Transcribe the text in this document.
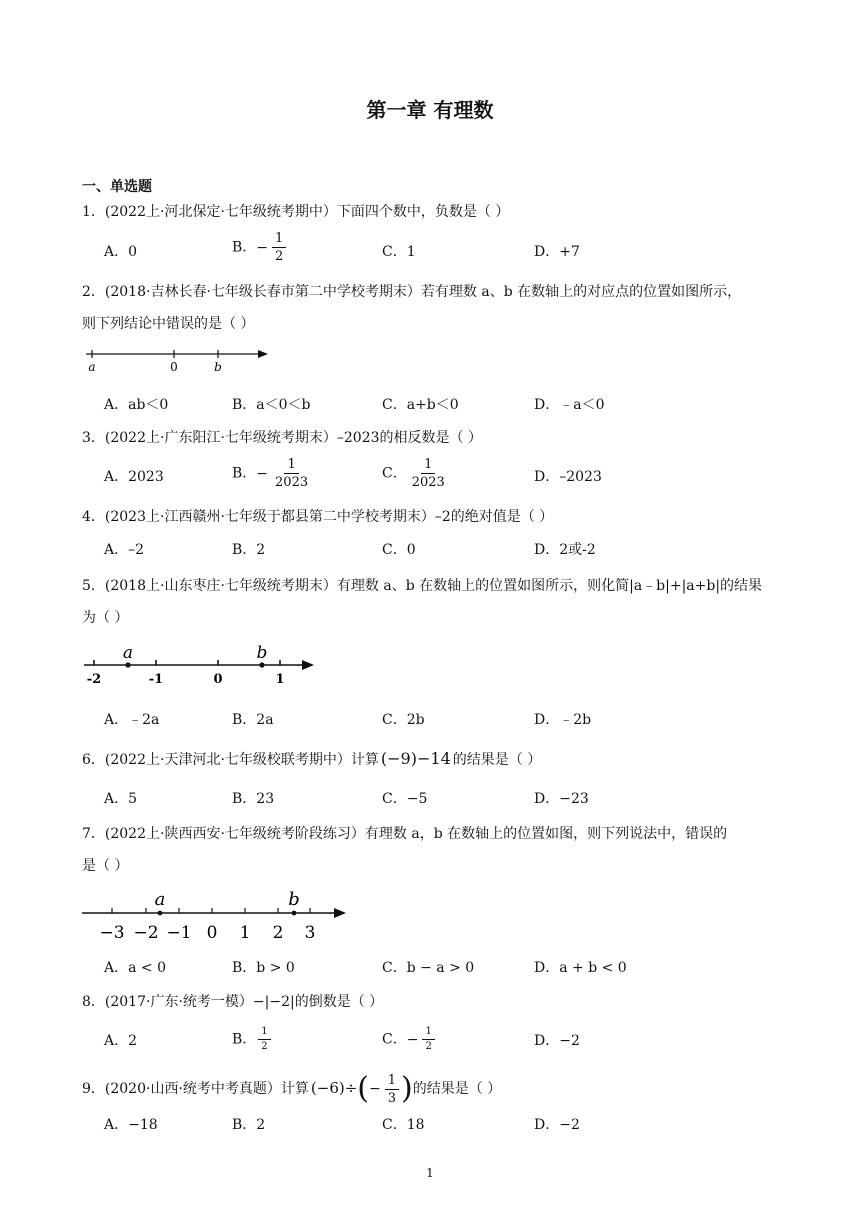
第一章 有理数
一、单选题
1．(2022上·河北保定·七年级统考期中）下面四个数中，负数是（ ）
A．0	B．− $\frac{1}{2}$	C．1	D．+7
2．(2018·吉林长春·七年级长春市第二中学校考期末）若有理数 a、b 在数轴上的对应点的位置如图所示，
则下列结论中错误的是（ ）
a	0	b
A．ab＜0	B．a＜0＜b	C．a+b＜0	D．﹣a＜0
3．(2022上·广东阳江·七年级统考期末）–2023的相反数是（ ）
A．2023	B．− $\frac{1}{2023}$	C． $\frac{1}{2023}$	D．–2023
4．(2023上·江西赣州·七年级于都县第二中学校考期末）–2的绝对值是（ ）
A．–2	B．2	C．0	D．2或-2
5．(2018上·山东枣庄·七年级统考期末）有理数 a、b 在数轴上的位置如图所示，则化简|a﹣b|+|a+b|的结果
为（ ）
a	b
-2	-1	0	1
A．﹣2a	B．2a	C．2b	D．﹣2b
6．(2022上·天津河北·七年级校联考期中）计算 (−9)−14 的结果是（ ）
A．5	B．23	C．−5	D．−23
7．(2022上·陕西西安·七年级统考阶段练习）有理数 a，b 在数轴上的位置如图，则下列说法中，错误的
是（ ）
a	b
−3 −2 −1 0 1 2 3
A．a < 0	B．b > 0	C．b − a > 0	D．a + b < 0
8．(2017·广东·统考一模）−|−2|的倒数是（ ）
A．2	B． $\frac{1}{2}$	C．− $\frac{1}{2}$	D．−2
9．(2020·山西·统考中考真题）计算 $(-6)\div(- \frac{1}{3}$ )的结果是（ ）
A．−18	B．2	C．18	D．−2
1
